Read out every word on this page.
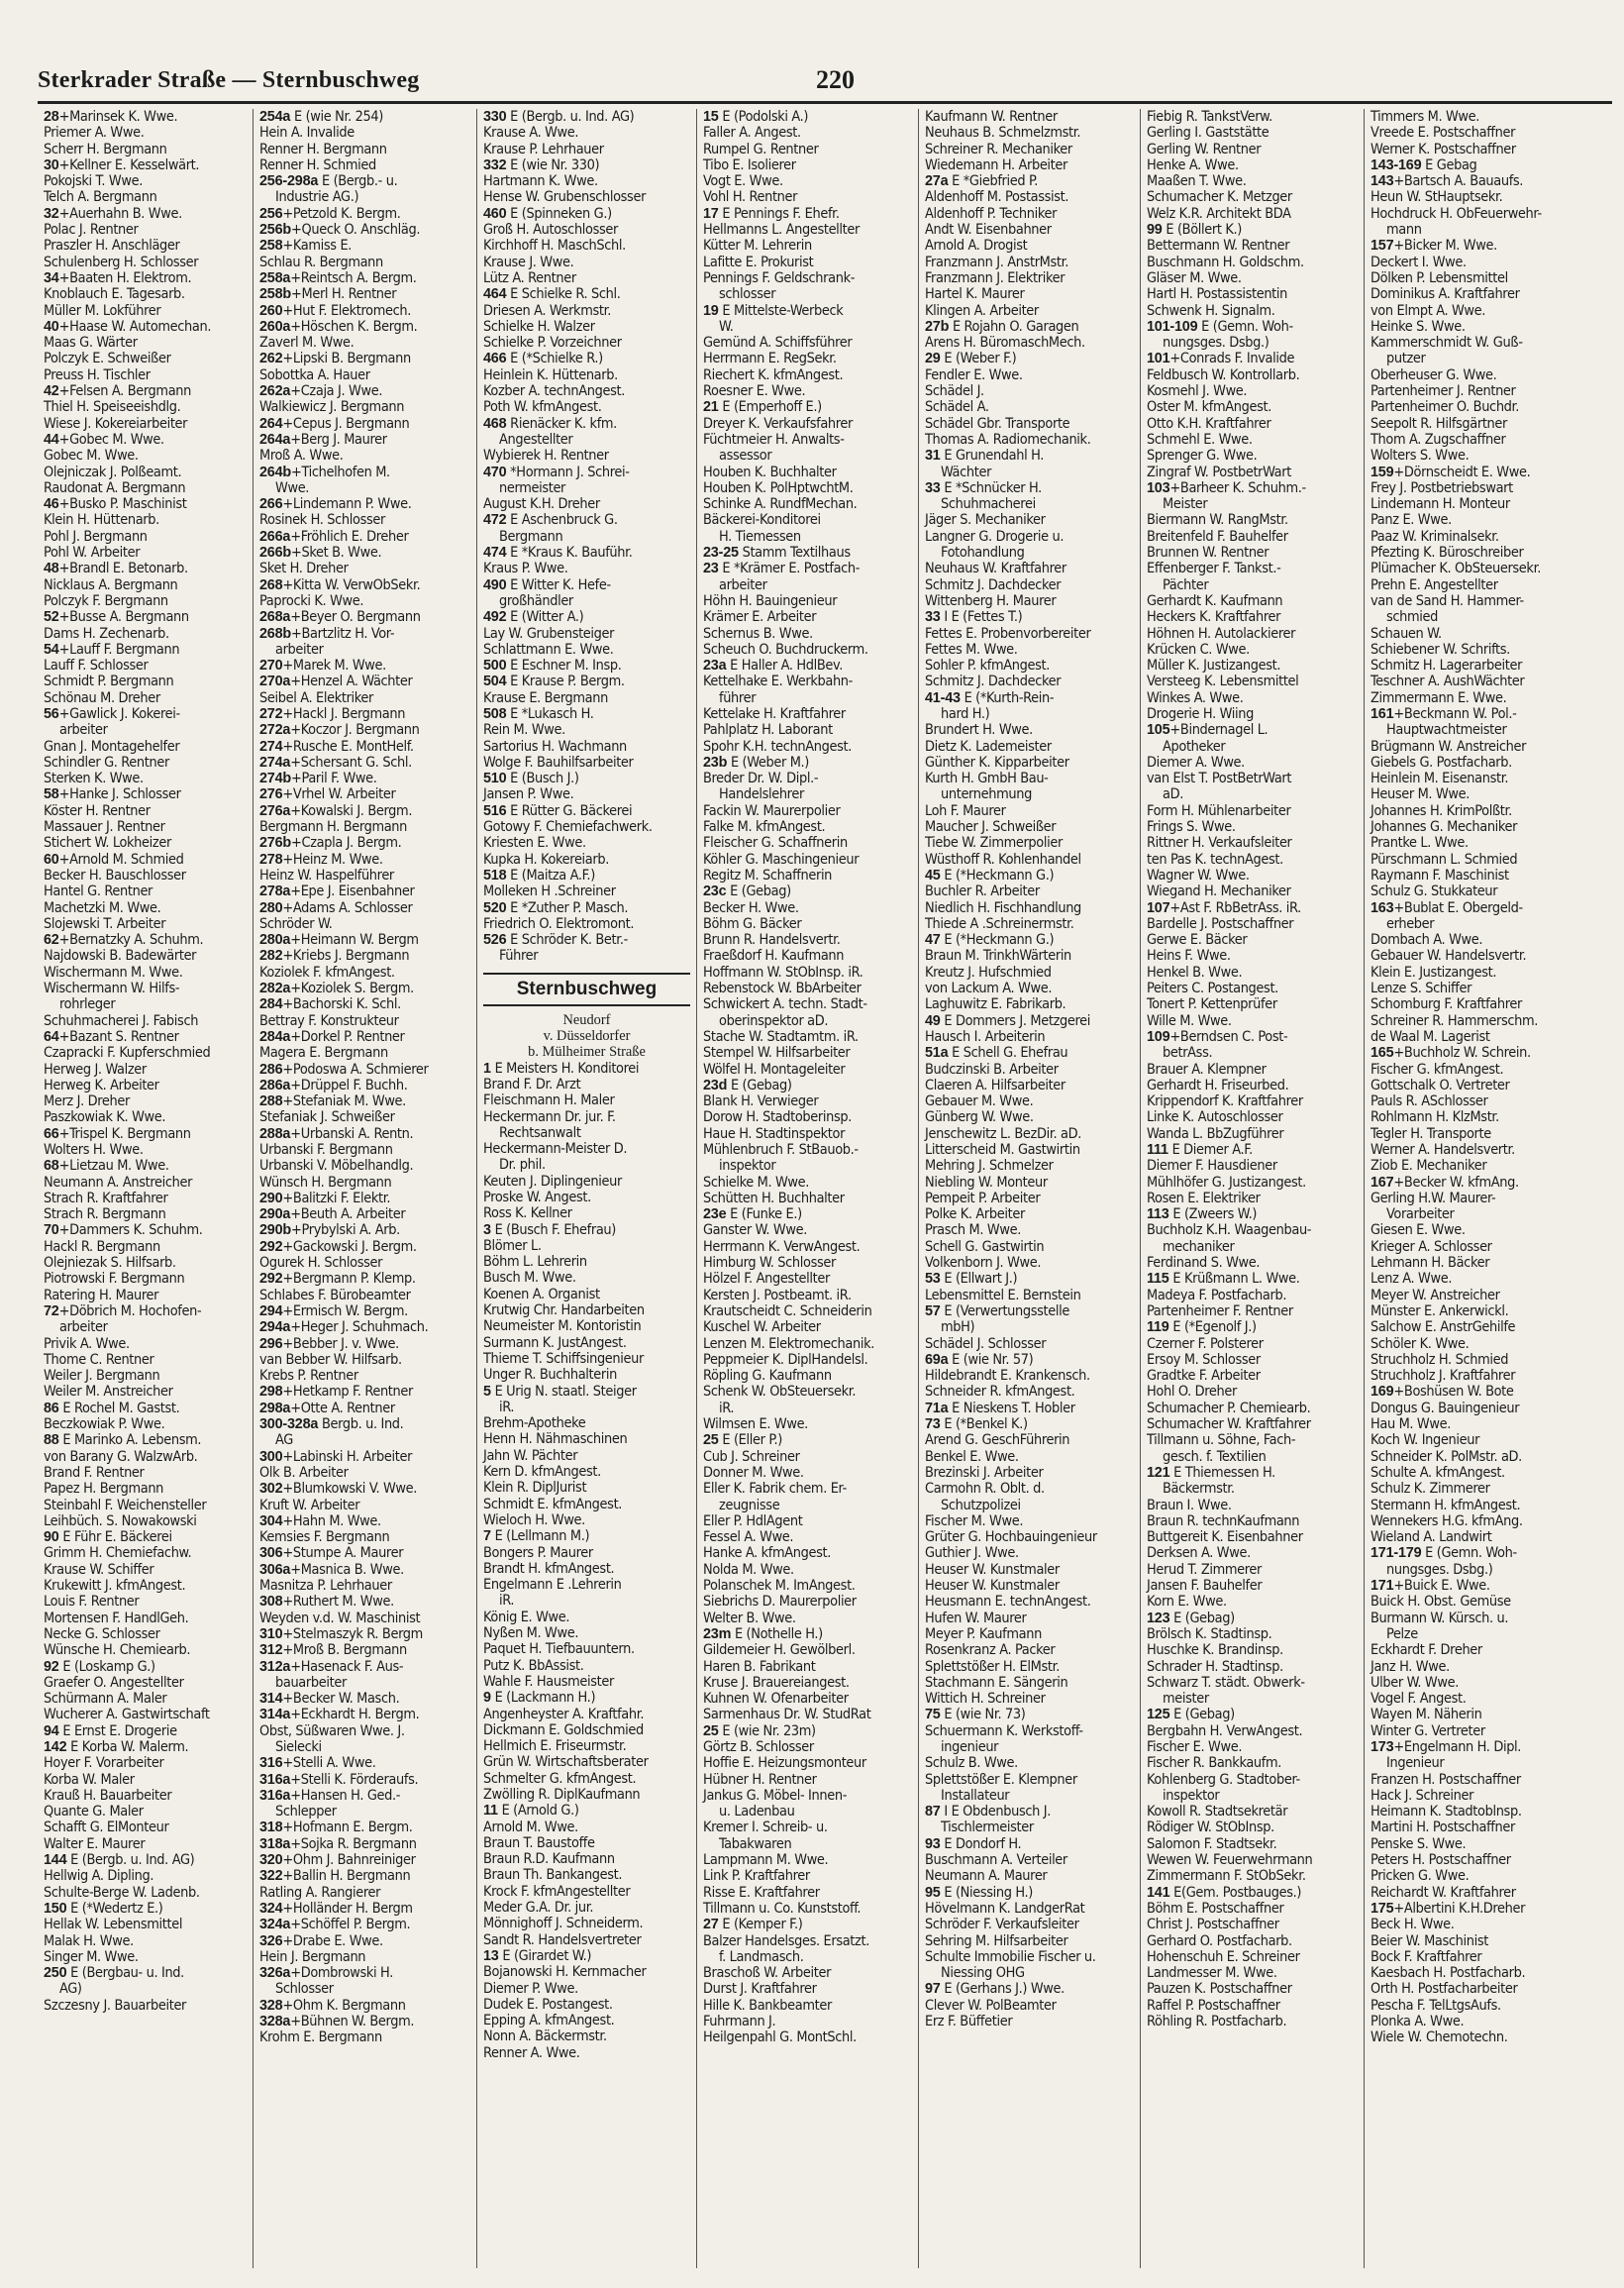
Sterkrader Straße — Sternbuschweg	220
28+Marinsek K. Wwe.
Priemer A. Wwe.
Scherr H. Bergmann
30+Kellner E. Kesselwärt.
Pokojski T. Wwe.
Telch A. Bergmann
32+Auerhahn B. Wwe.
Polac J. Rentner
Praszler H. Anschläger
Schulenberg H. Schlosser
34+Baaten H. Elektrom.
Knoblauch E. Tagesarb.
Müller M. Lokführer
40+Haase W. Automechan.
Maas G. Wärter
Polczyk E. Schweißer
Preuss H. Tischler
42+Felsen A. Bergmann
Thiel H. Speiseeishdlg.
Wiese J. Kokereiarbeiter
44+Gobec M. Wwe.
Gobec M. Wwe.
Olejniczak J. Polßeamt.
Raudonat A. Bergmann
46+Busko P. Maschinist
Klein H. Hüttenarb.
Pohl J. Bergmann
Pohl W. Arbeiter
48+Brandl E. Betonarb.
Nicklaus A. Bergmann
Polczyk F. Bergmann
52+Busse A. Bergmann
Dams H. Zechenarb.
54+Lauff F. Bergmann
Lauff F. Schlosser
Schmidt P. Bergmann
Schönau M. Dreher
56+Gawlick J. Kokerei-
arbeiter
Gnan J. Montagehelfer
Schindler G. Rentner
Sterken K. Wwe.
58+Hanke J. Schlosser
Köster H. Rentner
Massauer J. Rentner
Stichert W. Lokheizer
60+Arnold M. Schmied
Becker H. Bauschlosser
Hantel G. Rentner
Machetzki M. Wwe.
Slojewski T. Arbeiter
62+Bernatzky A. Schuhm.
Najdowski B. Badewärter
Wischermann M. Wwe.
Wischermann W. Hilfs-
rohrleger
Schuhmacherei J. Fabisch
64+Bazant S. Rentner
Czapracki F. Kupferschmied
Herweg J. Walzer
Herweg K. Arbeiter
Merz J. Dreher
Paszkowiak K. Wwe.
66+Trispel K. Bergmann
Wolters H. Wwe.
68+Lietzau M. Wwe.
Neumann A. Anstreicher
Strach R. Kraftfahrer
Strach R. Bergmann
70+Dammers K. Schuhm.
Hackl R. Bergmann
Olejniezak S. Hilfsarb.
Piotrowski F. Bergmann
Ratering H. Maurer
72+Döbrich M. Hochofen-
arbeiter
Privik A. Wwe.
Thome C. Rentner
Weiler J. Bergmann
Weiler M. Anstreicher
86 E Rochel M. Gastst.
Beczkowiak P. Wwe.
88 E Marinko A. Lebensm.
von Barany G. WalzwArb.
Brand F. Rentner
Papez H. Bergmann
Steinbahl F. Weichensteller
Leihbüch. S. Nowakowski
90 E Führ E. Bäckerei
Grimm H. Chemiefachw.
Krause W. Schiffer
Krukewitt J. kfmAngest.
Louis F. Rentner
Mortensen F. HandlGeh.
Necke G. Schlosser
Wünsche H. Chemiearb.
92 E (Loskamp G.)
Graefer O. Angestellter
Schürmann A. Maler
Wucherer A. Gastwirtschaft
94 E Ernst E. Drogerie
142 E Korba W. Malerm.
Hoyer F. Vorarbeiter
Korba W. Maler
Krauß H. Bauarbeiter
Quante G. Maler
Schafft G. ElMonteur
Walter E. Maurer
144 E (Bergb. u. Ind. AG)
Hellwig A. Dipling.
Schulte-Berge W. Ladenb.
150 E (*Wedertz E.)
Hellak W. Lebensmittel
Malak H. Wwe.
Singer M. Wwe.
250 E (Bergbau- u. Ind.
AG)
Szczesny J. Bauarbeiter
254a E (wie Nr. 254)
Hein A. Invalide
Renner H. Bergmann
Renner H. Schmied
256-298a E (Bergb.- u.
Industrie AG.)
256+Petzold K. Bergm.
256b+Queck O. Anschläg.
258+Kamiss E.
Schlau R. Bergmann
258a+Reintsch A. Bergm.
258b+Merl H. Rentner
260+Hut F. Elektromech.
260a+Höschen K. Bergm.
Zaverl M. Wwe.
262+Lipski B. Bergmann
Sobottka A. Hauer
262a+Czaja J. Wwe.
Walkiewicz J. Bergmann
264+Cepus J. Bergmann
264a+Berg J. Maurer
Mroß A. Wwe.
264b+Tichelhofen M.
Wwe.
266+Lindemann P. Wwe.
Rosinek H. Schlosser
266a+Fröhlich E. Dreher
266b+Sket B. Wwe.
Sket H. Dreher
268+Kitta W. VerwObSekr.
Paprocki K. Wwe.
268a+Beyer O. Bergmann
268b+Bartzlitz H. Vor-
arbeiter
270+Marek M. Wwe.
270a+Henzel A. Wächter
Seibel A. Elektriker
272+Hackl J. Bergmann
272a+Koczor J. Bergmann
274+Rusche E. MontHelf.
274a+Schersant G. Schl.
274b+Paril F. Wwe.
276+Vrhel W. Arbeiter
276a+Kowalski J. Bergm.
Bergmann H. Bergmann
276b+Czapla J. Bergm.
278+Heinz M. Wwe.
Heinz W. Haspelführer
278a+Epe J. Eisenbahner
280+Adams A. Schlosser
Schröder W.
280a+Heimann W. Bergm
282+Kriebs J. Bergmann
Koziolek F. kfmAngest.
282a+Koziolek S. Bergm.
284+Bachorski K. Schl.
Bettray F. Konstrukteur
284a+Dorkel P. Rentner
Magera E. Bergmann
286+Podoswa A. Schmierer
286a+Drüppel F. Buchh.
288+Stefaniak M. Wwe.
Stefaniak J. Schweißer
288a+Urbanski A. Rentn.
Urbanski F. Bergmann
Urbanski V. Möbelhandlg.
Wünsch H. Bergmann
290+Balitzki F. Elektr.
290a+Beuth A. Arbeiter
290b+Prybylski A. Arb.
292+Gackowski J. Bergm.
Ogurek H. Schlosser
292+Bergmann P. Klemp.
Schlabes F. Bürobeamter
294+Ermisch W. Bergm.
294a+Heger J. Schuhmach.
296+Bebber J. v. Wwe.
van Bebber W. Hilfsarb.
Krebs P. Rentner
298+Hetkamp F. Rentner
298a+Otte A. Rentner
300-328a Bergb. u. Ind.
AG
300+Labinski H. Arbeiter
Olk B. Arbeiter
302+Blumkowski V. Wwe.
Kruft W. Arbeiter
304+Hahn M. Wwe.
Kemsies F. Bergmann
306+Stumpe A. Maurer
306a+Masnica B. Wwe.
Masnitza P. Lehrhauer
308+Ruthert M. Wwe.
Weyden v.d. W. Maschinist
310+Stelmaszyk R. Bergm
312+Mroß B. Bergmann
312a+Hasenack F. Aus-
bauarbeiter
314+Becker W. Masch.
314a+Eckhardt H. Bergm.
Obst, Süßwaren Wwe. J.
Sielecki
316+Stelli A. Wwe.
316a+Stelli K. Förderaufs.
316a+Hansen H. Ged.-
Schlepper
318+Hofmann E. Bergm.
318a+Sojka R. Bergmann
320+Ohm J. Bahnreiniger
322+Ballin H. Bergmann
Ratling A. Rangierer
324+Holländer H. Bergm
324a+Schöffel P. Bergm.
326+Drabe E. Wwe.
Hein J. Bergmann
326a+Dombrowski H.
Schlosser
328+Ohm K. Bergmann
328a+Bühnen W. Bergm.
Krohm E. Bergmann
330 E (Bergb. u. Ind. AG)
Krause A. Wwe.
Krause P. Lehrhauer
332 E (wie Nr. 330)
Hartmann K. Wwe.
Hense W. Grubenschlosser
460 E (Spinneken G.)
Groß H. Autoschlosser
Kirchhoff H. MaschSchl.
Krause J. Wwe.
Lütz A. Rentner
464 E Schielke R. Schl.
Driesen A. Werkmstr.
Schielke H. Walzer
Schielke P. Vorzeichner
466 E (*Schielke R.)
Heinlein K. Hüttenarb.
Kozber A. technAngest.
Poth W. kfmAngest.
468 Rienäcker K. kfm.
Angestellter
Wybierek H. Rentner
470 *Hormann J. Schrei-
nermeister
August K.H. Dreher
472 E Aschenbruck G.
Bergmann
474 E *Kraus K. Bauführ.
Kraus P. Wwe.
490 E Witter K. Hefe-
großhändler
492 E (Witter A.)
Lay W. Grubensteiger
Schlattmann E. Wwe.
500 E Eschner M. Insp.
504 E Krause P. Bergm.
Krause E. Bergmann
508 E *Lukasch H.
Rein M. Wwe.
Sartorius H. Wachmann
Wolge F. Bauhilfsarbeiter
510 E (Busch J.)
Jansen P. Wwe.
516 E Rütter G. Bäckerei
Gotowy F. Chemiefachwerk.
Kriesten E. Wwe.
Kupka H. Kokereiarb.
518 E (Maitza A.F.)
Molleken H .Schreiner
520 E *Zuther P. Masch.
Friedrich O. Elektromont.
526 E Schröder K. Betr.-
Führer
Sternbuschweg
Neudorf
v. Düsseldorfer
b. Mülheimer Straße
1 E Meisters H. Konditorei
Brand F. Dr. Arzt
Fleischmann H. Maler
Heckermann Dr. jur. F.
Rechtsanwalt
Heckermann-Meister D.
Dr. phil.
Keuten J. Diplingenieur
Proske W. Angest.
Ross K. Kellner
3 E (Busch F. Ehefrau)
Blömer L.
Böhm L. Lehrerin
Busch M. Wwe.
Koenen A. Organist
Krutwig Chr. Handarbeiten
Neumeister M. Kontoristin
Surmann K. JustAngest.
Thieme T. Schiffsingenieur
Unger R. Buchhalterin
5 E Urig N. staatl. Steiger
iR.
Brehm-Apotheke
Henn H. Nähmaschinen
Jahn W. Pächter
Kern D. kfmAngest.
Klein R. DiplJurist
Schmidt E. kfmAngest.
Wieloch H. Wwe.
7 E (Lellmann M.)
Bongers P. Maurer
Brandt H. kfmAngest.
Engelmann E .Lehrerin
iR.
König E. Wwe.
Nyßen M. Wwe.
Paquet H. Tiefbauuntern.
Putz K. BbAssist.
Wahle F. Hausmeister
9 E (Lackmann H.)
Angenheyster A. Kraftfahr.
Dickmann E. Goldschmied
Hellmich E. Friseurmstr.
Grün W. Wirtschaftsberater
Schmelter G. kfmAngest.
Zwölling R. DiplKaufmann
11 E (Arnold G.)
Arnold M. Wwe.
Braun T. Baustoffe
Braun R.D. Kaufmann
Braun Th. Bankangest.
Krock F. kfmAngestellter
Meder G.A. Dr. jur.
Mönnighoff J. Schneiderm.
Sandt R. Handelsvertreter
13 E (Girardet W.)
Bojanowski H. Kernmacher
Diemer P. Wwe.
Dudek E. Postangest.
Epping A. kfmAngest.
Nonn A. Bäckermstr.
Renner A. Wwe.
15 E (Podolski A.)
Faller A. Angest.
Rumpel G. Rentner
Tibo E. Isolierer
Vogt E. Wwe.
Vohl H. Rentner
17 E Pennings F. Ehefr.
Hellmanns L. Angestellter
Kütter M. Lehrerin
Lafitte E. Prokurist
Pennings F. Geldschrank-
schlosser
19 E Mittelste-Werbeck
W.
Gemünd A. Schiffsführer
Herrmann E. RegSekr.
Riechert K. kfmAngest.
Roesner E. Wwe.
21 E (Emperhoff E.)
Dreyer K. Verkaufsfahrer
Füchtmeier H. Anwalts-
assessor
Houben K. Buchhalter
Houben K. PolHptwchtM.
Schinke A. RundfMechan.
Bäckerei-Konditorei
H. Tiemessen
23-25 Stamm Textilhaus
23 E *Krämer E. Postfach-
arbeiter
Höhn H. Bauingenieur
Krämer E. Arbeiter
Schernus B. Wwe.
Scheuch O. Buchdruckerm.
23a E Haller A. HdlBev.
Kettelhake E. Werkbahn-
führer
Kettelake H. Kraftfahrer
Pahlplatz H. Laborant
Spohr K.H. technAngest.
23b E (Weber M.)
Breder Dr. W. Dipl.-
Handelslehrer
Fackin W. Maurerpolier
Falke M. kfmAngest.
Fleischer G. Schaffnerin
Köhler G. Maschingenieur
Regitz M. Schaffnerin
23c E (Gebag)
Becker H. Wwe.
Böhm G. Bäcker
Brunn R. Handelsvertr.
Fraeßdorf H. Kaufmann
Hoffmann W. StObInsp. iR.
Rebenstock W. BbArbeiter
Schwickert A. techn. Stadt-
oberinspektor aD.
Stache W. Stadtamtm. iR.
Stempel W. Hilfsarbeiter
Wölfel H. Montageleiter
23d E (Gebag)
Blank H. Verwieger
Dorow H. Stadtoberinsp.
Haue H. Stadtinspektor
Mühlenbruch F. StBauob.-
inspektor
Schielke M. Wwe.
Schütten H. Buchhalter
23e E (Funke E.)
Ganster W. Wwe.
Herrmann K. VerwAngest.
Himburg W. Schlosser
Hölzel F. Angestellter
Kersten J. Postbeamt. iR.
Krautscheidt C. Schneiderin
Kuschel W. Arbeiter
Lenzen M. Elektromechanik.
Peppmeier K. DiplHandelsl.
Röpling G. Kaufmann
Schenk W. ObSteuersekr.
iR.
Wilmsen E. Wwe.
25 E (Eller P.)
Cub J. Schreiner
Donner M. Wwe.
Eller K. Fabrik chem. Er-
zeugnisse
Eller P. HdlAgent
Fessel A. Wwe.
Hanke A. kfmAngest.
Nolda M. Wwe.
Polanschek M. ImAngest.
Siebrichs D. Maurerpolier
Welter B. Wwe.
23m E (Nothelle H.)
Gildemeier H. Gewölberl.
Haren B. Fabrikant
Kruse J. Brauereiangest.
Kuhnen W. Ofenarbeiter
Sarmenhaus Dr. W. StudRat
25 E (wie Nr. 23m)
Görtz B. Schlosser
Hoffie E. Heizungsmonteur
Hübner H. Rentner
Jankus G. Möbel- Innen-
u. Ladenbau
Kremer I. Schreib- u.
Tabakwaren
Lampmann M. Wwe.
Link P. Kraftfahrer
Risse E. Kraftfahrer
Tillmann u. Co. Kunststoff.
27 E (Kemper F.)
Balzer Handelsges. Ersatzt.
f. Landmasch.
Braschoß W. Arbeiter
Durst J. Kraftfahrer
Hille K. Bankbeamter
Fuhrmann J.
Heilgenpahl G. MontSchl.
Kaufmann W. Rentner
Neuhaus B. Schmelzmstr.
Schreiner R. Mechaniker
Wiedemann H. Arbeiter
27a E *Giebfried P.
Aldenhoff M. Postassist.
Aldenhoff P. Techniker
Andt W. Eisenbahner
Arnold A. Drogist
Franzmann J. AnstrMstr.
Franzmann J. Elektriker
Hartel K. Maurer
Klingen A. Arbeiter
27b E Rojahn O. Garagen
Arens H. BüromaschMech.
29 E (Weber F.)
Fendler E. Wwe.
Schädel J.
Schädel A.
Schädel Gbr. Transporte
Thomas A. Radiomechanik.
31 E Grunendahl H.
Wächter
33 E *Schnücker H.
Schuhmacherei
Jäger S. Mechaniker
Langner G. Drogerie u.
Fotohandlung
Neuhaus W. Kraftfahrer
Schmitz J. Dachdecker
Wittenberg H. Maurer
33 I E (Fettes T.)
Fettes E. Probenvorbereiter
Fettes M. Wwe.
Sohler P. kfmAngest.
Schmitz J. Dachdecker
41-43 E (*Kurth-Rein-
hard H.)
Brundert H. Wwe.
Dietz K. Lademeister
Günther K. Kipparbeiter
Kurth H. GmbH Bau-
unternehmung
Loh F. Maurer
Maucher J. Schweißer
Tiebe W. Zimmerpolier
Wüsthoff R. Kohlenhandel
45 E (*Heckmann G.)
Buchler R. Arbeiter
Niedlich H. Fischhandlung
Thiede A .Schreinermstr.
47 E (*Heckmann G.)
Braun M. TrinkhWärterin
Kreutz J. Hufschmied
von Lackum A. Wwe.
Laghuwitz E. Fabrikarb.
49 E Dommers J. Metzgerei
Hausch I. Arbeiterin
51a E Schell G. Ehefrau
Budczinski B. Arbeiter
Claeren A. Hilfsarbeiter
Gebauer M. Wwe.
Günberg W. Wwe.
Jenschewitz L. BezDir. aD.
Litterscheid M. Gastwirtin
Mehring J. Schmelzer
Niebling W. Monteur
Pempeit P. Arbeiter
Polke K. Arbeiter
Prasch M. Wwe.
Schell G. Gastwirtin
Volkenborn J. Wwe.
53 E (Ellwart J.)
Lebensmittel E. Bernstein
57 E (Verwertungsstelle
mbH)
Schädel J. Schlosser
69a E (wie Nr. 57)
Hildebrandt E. Krankensch.
Schneider R. kfmAngest.
71a E Nieskens T. Hobler
73 E (*Benkel K.)
Arend G. GeschFührerin
Benkel E. Wwe.
Brezinski J. Arbeiter
Carmohn R. Oblt. d.
Schutzpolizei
Fischer M. Wwe.
Grüter G. Hochbauingenieur
Guthier J. Wwe.
Heuser W. Kunstmaler
Heuser W. Kunstmaler
Heusmann E. technAngest.
Hufen W. Maurer
Meyer P. Kaufmann
Rosenkranz A. Packer
Splettstößer H. ElMstr.
Stachmann E. Sängerin
Wittich H. Schreiner
75 E (wie Nr. 73)
Schuermann K. Werkstoff-
ingenieur
Schulz B. Wwe.
Splettstößer E. Klempner
Installateur
87 I E Obdenbusch J.
Tischlermeister
93 E Dondorf H.
Buschmann A. Verteiler
Neumann A. Maurer
95 E (Niessing H.)
Hövelmann K. LandgerRat
Schröder F. Verkaufsleiter
Sehring M. Hilfsarbeiter
Schulte Immobilie Fischer u.
Niessing OHG
97 E (Gerhans J.) Wwe.
Clever W. PolBeamter
Erz F. Büffetier
Fiebig R. TankstVerw.
Gerling I. Gaststätte
Gerling W. Rentner
Henke A. Wwe.
Maaßen T. Wwe.
Schumacher K. Metzger
Welz K.R. Architekt BDA
99 E (Böllert K.)
Bettermann W. Rentner
Buschmann H. Goldschm.
Gläser M. Wwe.
Hartl H. Postassistentin
Schwenk H. Signalm.
101-109 E (Gemn. Woh-
nungsges. Dsbg.)
101+Conrads F. Invalide
Feldbusch W. Kontrollarb.
Kosmehl J. Wwe.
Oster M. kfmAngest.
Otto K.H. Kraftfahrer
Schmehl E. Wwe.
Sprenger G. Wwe.
Zingraf W. PostbetrWart
103+Barheer K. Schuhm.-
Meister
Biermann W. RangMstr.
Breitenfeld F. Bauhelfer
Brunnen W. Rentner
Effenberger F. Tankst.-
Pächter
Gerhardt K. Kaufmann
Heckers K. Kraftfahrer
Höhnen H. Autolackierer
Krücken C. Wwe.
Müller K. Justizangest.
Versteeg K. Lebensmittel
Winkes A. Wwe.
Drogerie H. Wiing
105+Bindernagel L.
Apotheker
Diemer A. Wwe.
van Elst T. PostBetrWart
aD.
Form H. Mühlenarbeiter
Frings S. Wwe.
Rittner H. Verkaufsleiter
ten Pas K. technAgest.
Wagner W. Wwe.
Wiegand H. Mechaniker
107+Ast F. RbBetrAss. iR.
Bardelle J. Postschaffner
Gerwe E. Bäcker
Heins F. Wwe.
Henkel B. Wwe.
Peiters C. Postangest.
Tonert P. Kettenprüfer
Wille M. Wwe.
109+Berndsen C. Post-
betrAss.
Brauer A. Klempner
Gerhardt H. Friseurbed.
Krippendorf K. Kraftfahrer
Linke K. Autoschlosser
Wanda L. BbZugführer
111 E Diemer A.F.
Diemer F. Hausdiener
Mühlhöfer G. Justizangest.
Rosen E. Elektriker
113 E (Zweers W.)
Buchholz K.H. Waagenbau-
mechaniker
Ferdinand S. Wwe.
115 E Krüßmann L. Wwe.
Madeya F. Postfacharb.
Partenheimer F. Rentner
119 E (*Egenolf J.)
Czerner F. Polsterer
Ersoy M. Schlosser
Gradtke F. Arbeiter
Hohl O. Dreher
Schumacher P. Chemiearb.
Schumacher W. Kraftfahrer
Tillmann u. Söhne, Fach-
gesch. f. Textilien
121 E Thiemessen H.
Bäckermstr.
Braun I. Wwe.
Braun R. technKaufmann
Buttgereit K. Eisenbahner
Derksen A. Wwe.
Herud T. Zimmerer
Jansen F. Bauhelfer
Korn E. Wwe.
123 E (Gebag)
Brölsch K. Stadtinsp.
Huschke K. Brandinsp.
Schrader H. Stadtinsp.
Schwarz T. städt. Obwerk-
meister
125 E (Gebag)
Bergbahn H. VerwAngest.
Fischer E. Wwe.
Fischer R. Bankkaufm.
Kohlenberg G. Stadtober-
inspektor
Kowoll R. Stadtsekretär
Rödiger W. StObInsp.
Salomon F. Stadtsekr.
Wewen W. Feuerwehrmann
Zimmermann F. StObSekr.
141 E(Gem. Postbauges.)
Böhm E. Postschaffner
Christ J. Postschaffner
Gerhard O. Postfacharb.
Hohenschuh E. Schreiner
Landmesser M. Wwe.
Pauzen K. Postschaffner
Raffel P. Postschaffner
Röhling R. Postfacharb.
Timmers M. Wwe.
Vreede E. Postschaffner
Werner K. Postschaffner
143-169 E Gebag
143+Bartsch A. Bauaufs.
Heun W. StHauptsekr.
Hochdruck H. ObFeuerwehr-
mann
157+Bicker M. Wwe.
Deckert I. Wwe.
Dölken P. Lebensmittel
Dominikus A. Kraftfahrer
von Elmpt A. Wwe.
Heinke S. Wwe.
Kammerschmidt W. Guß-
putzer
Oberheuser G. Wwe.
Partenheimer J. Rentner
Partenheimer O. Buchdr.
Seepolt R. Hilfsgärtner
Thom A. Zugschaffner
Wolters S. Wwe.
159+Dörnscheidt E. Wwe.
Frey J. Postbetriebswart
Lindemann H. Monteur
Panz E. Wwe.
Paaz W. Kriminalsekr.
Pfezting K. Büroschreiber
Plümacher K. ObSteuersekr.
Prehn E. Angestellter
van de Sand H. Hammer-
schmied
Schauen W.
Schiebener W. Schrifts.
Schmitz H. Lagerarbeiter
Teschner A. AushWächter
Zimmermann E. Wwe.
161+Beckmann W. Pol.-
Hauptwachtmeister
Brügmann W. Anstreicher
Giebels G. Postfacharb.
Heinlein M. Eisenanstr.
Heuser M. Wwe.
Johannes H. KrimPolßtr.
Johannes G. Mechaniker
Prantke L. Wwe.
Pürschmann L. Schmied
Raymann F. Maschinist
Schulz G. Stukkateur
163+Bublat E. Obergeld-
erheber
Dombach A. Wwe.
Gebauer W. Handelsvertr.
Klein E. Justizangest.
Lenze S. Schiffer
Schomburg F. Kraftfahrer
Schreiner R. Hammerschm.
de Waal M. Lagerist
165+Buchholz W. Schrein.
Fischer G. kfmAngest.
Gottschalk O. Vertreter
Pauls R. ASchlosser
Rohlmann H. KlzMstr.
Tegler H. Transporte
Werner A. Handelsvertr.
Ziob E. Mechaniker
167+Becker W. kfmAng.
Gerling H.W. Maurer-
Vorarbeiter
Giesen E. Wwe.
Krieger A. Schlosser
Lehmann H. Bäcker
Lenz A. Wwe.
Meyer W. Anstreicher
Münster E. Ankerwickl.
Salchow E. AnstrGehilfe
Schöler K. Wwe.
Struchholz H. Schmied
Struchholz J. Kraftfahrer
169+Boshüsen W. Bote
Dongus G. Bauingenieur
Hau M. Wwe.
Koch W. Ingenieur
Schneider K. PolMstr. aD.
Schulte A. kfmAngest.
Schulz K. Zimmerer
Stermann H. kfmAngest.
Wennekers H.G. kfmAng.
Wieland A. Landwirt
171-179 E (Gemn. Woh-
nungsges. Dsbg.)
171+Buick E. Wwe.
Buick H. Obst. Gemüse
Burmann W. Kürsch. u.
Pelze
Eckhardt F. Dreher
Janz H. Wwe.
Ulber W. Wwe.
Vogel F. Angest.
Wayen M. Näherin
Winter G. Vertreter
173+Engelmann H. Dipl.
Ingenieur
Franzen H. Postschaffner
Hack J. Schreiner
Heimann K. Stadtoblnsp.
Martini H. Postschaffner
Penske S. Wwe.
Peters H. Postschaffner
Pricken G. Wwe.
Reichardt W. Kraftfahrer
175+Albertini K.H.Dreher
Beck H. Wwe.
Beier W. Maschinist
Bock F. Kraftfahrer
Kaesbach H. Postfacharb.
Orth H. Postfacharbeiter
Pescha F. TelLtgsAufs.
Plonka A. Wwe.
Wiele W. Chemotechn.
